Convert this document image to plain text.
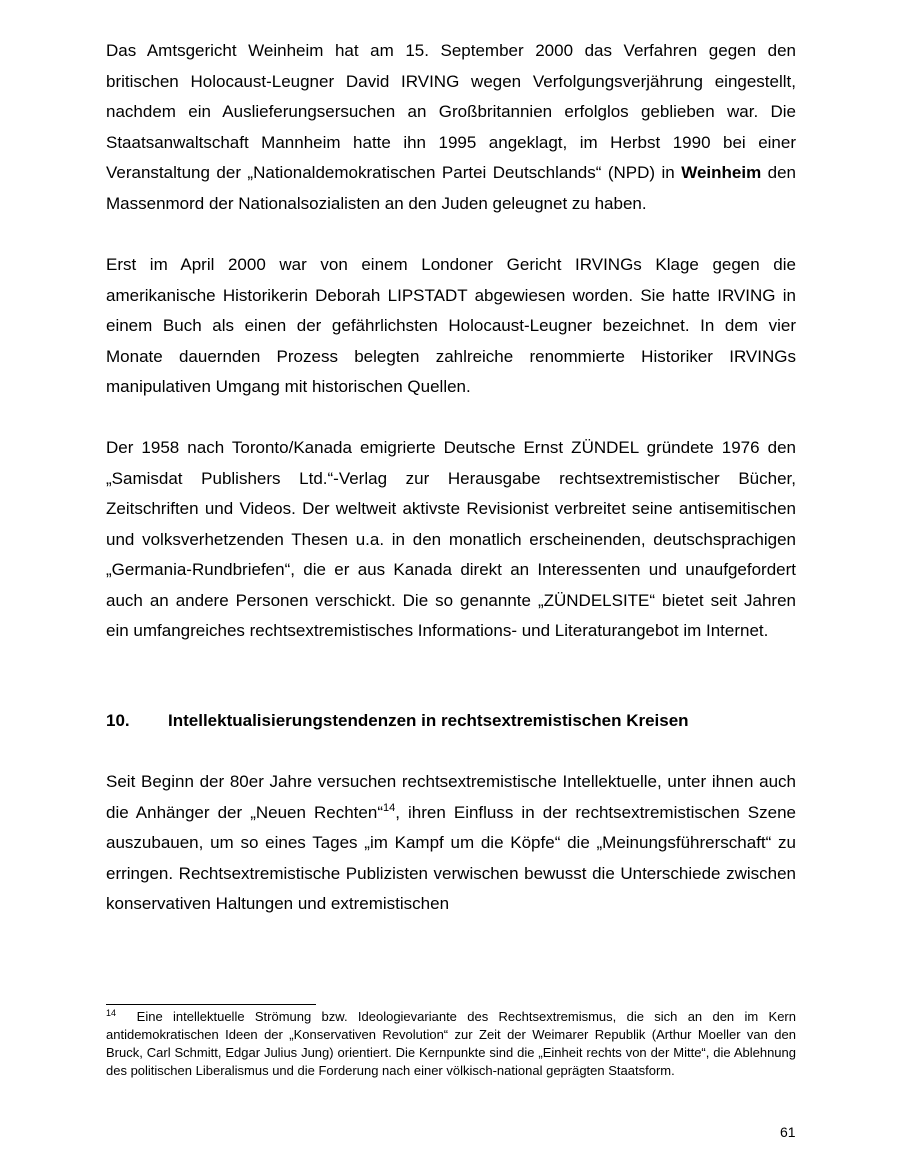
Das Amtsgericht Weinheim hat am 15. September 2000 das Verfahren gegen den britischen Holocaust-Leugner David IRVING wegen Verfolgungsverjährung eingestellt, nachdem ein Auslieferungsersuchen an Großbritannien erfolglos geblieben war. Die Staatsanwaltschaft Mannheim hatte ihn 1995 angeklagt, im Herbst 1990 bei einer Veranstaltung der „Nationaldemokratischen Partei Deutschlands“ (NPD) in Weinheim den Massenmord der Nationalsozialisten an den Juden geleugnet zu haben.

Erst im April 2000 war von einem Londoner Gericht IRVINGs Klage gegen die amerikanische Historikerin Deborah LIPSTADT abgewiesen worden. Sie hatte IRVING in einem Buch als einen der gefährlichsten Holocaust-Leugner bezeichnet. In dem vier Monate dauernden Prozess belegten zahlreiche renommierte Historiker IRVINGs manipulativen Umgang mit historischen Quellen.

Der 1958 nach Toronto/Kanada emigrierte Deutsche Ernst ZÜNDEL gründete 1976 den „Samisdat Publishers Ltd.“-Verlag zur Herausgabe rechtsextremistischer Bücher, Zeitschriften und Videos. Der weltweit aktivste Revisionist verbreitet seine antisemitischen und volksverhetzenden Thesen u.a. in den monatlich erscheinenden, deutschsprachigen „Germania-Rundbriefen“, die er aus Kanada direkt an Interessenten und unaufgefordert auch an andere Personen verschickt. Die so genannte „ZÜNDELSITE“ bietet seit Jahren ein umfangreiches rechtsextremistisches Informations- und Literaturangebot im Internet.

10. Intellektualisierungstendenzen in rechtsextremistischen Kreisen

Seit Beginn der 80er Jahre versuchen rechtsextremistische Intellektuelle, unter ihnen auch die Anhänger der „Neuen Rechten“$^{14}$, ihren Einfluss in der rechtsextremistischen Szene auszubauen, um so eines Tages „im Kampf um die Köpfe“ die „Meinungsführerschaft“ zu erringen. Rechtsextremistische Publizisten verwischen bewusst die Unterschiede zwischen konservativen Haltungen und extremistischen

$^{14}$ Eine intellektuelle Strömung bzw. Ideologievariante des Rechtsextremismus, die sich an den im Kern antidemokratischen Ideen der „Konservativen Revolution“ zur Zeit der Weimarer Republik (Arthur Moeller van den Bruck, Carl Schmitt, Edgar Julius Jung) orientiert. Die Kernpunkte sind die „Einheit rechts von der Mitte“, die Ablehnung des politischen Liberalismus und die Forderung nach einer völkisch-national geprägten Staatsform.

61
